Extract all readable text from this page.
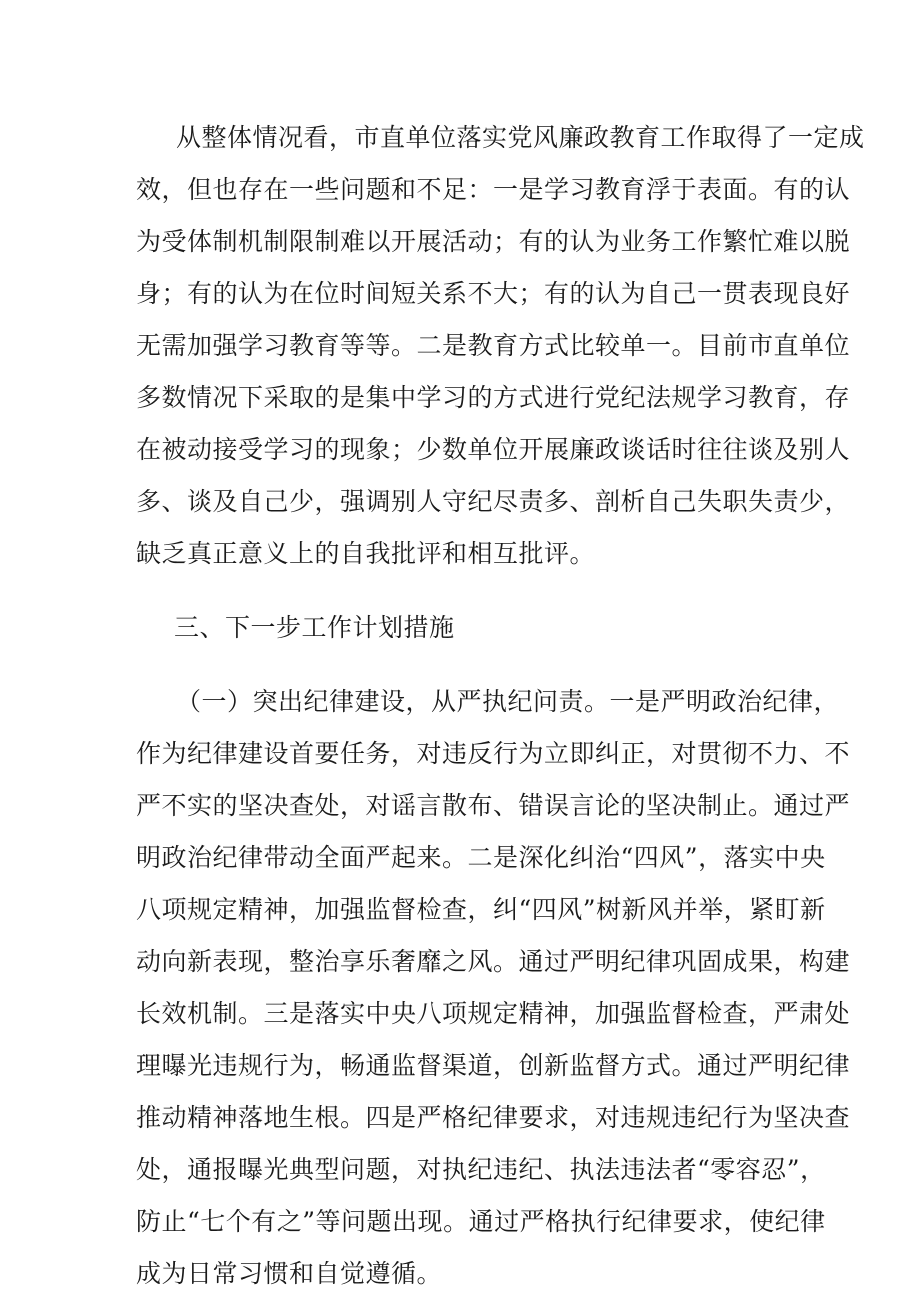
从整体情况看，市直单位落实党风廉政教育工作取得了一定成
效，但也存在一些问题和不足：一是学习教育浮于表面。有的认
为受体制机制限制难以开展活动；有的认为业务工作繁忙难以脱
身；有的认为在位时间短关系不大；有的认为自己一贯表现良好
无需加强学习教育等等。二是教育方式比较单一。目前市直单位
多数情况下采取的是集中学习的方式进行党纪法规学习教育，存
在被动接受学习的现象；少数单位开展廉政谈话时往往谈及别人
多、谈及自己少，强调别人守纪尽责多、剖析自己失职失责少，
缺乏真正意义上的自我批评和相互批评。
三、下一步工作计划措施
（一）突出纪律建设，从严执纪问责。一是严明政治纪律，
作为纪律建设首要任务，对违反行为立即纠正，对贯彻不力、不
严不实的坚决查处，对谣言散布、错误言论的坚决制止。通过严
明政治纪律带动全面严起来。二是深化纠治“四风”，落实中央
八项规定精神，加强监督检查，纠“四风”树新风并举，紧盯新
动向新表现，整治享乐奢靡之风。通过严明纪律巩固成果，构建
长效机制。三是落实中央八项规定精神，加强监督检查，严肃处
理曝光违规行为，畅通监督渠道，创新监督方式。通过严明纪律
推动精神落地生根。四是严格纪律要求，对违规违纪行为坚决查
处，通报曝光典型问题，对执纪违纪、执法违法者“零容忍”，
防止“七个有之”等问题出现。通过严格执行纪律要求，使纪律
成为日常习惯和自觉遵循。
